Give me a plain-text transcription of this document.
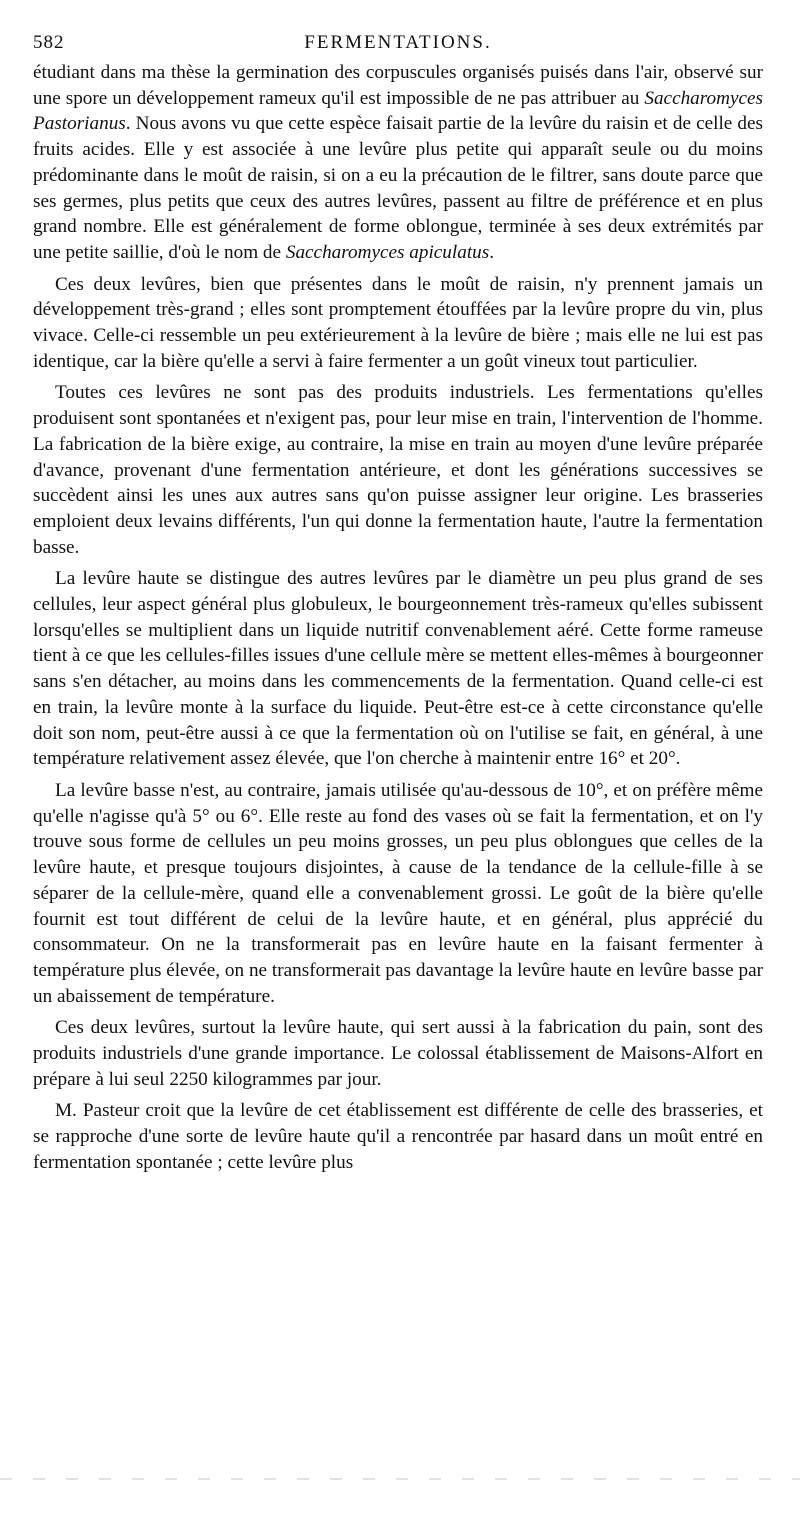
582	FERMENTATIONS.

étudiant dans ma thèse la germination des corpuscules organisés puisés dans l'air, observé sur une spore un développement rameux qu'il est impossible de ne pas attribuer au Saccharomyces Pastorianus. Nous avons vu que cette espèce faisait partie de la levûre du raisin et de celle des fruits acides. Elle y est associée à une levûre plus petite qui apparaît seule ou du moins prédominante dans le moût de raisin, si on a eu la précaution de le filtrer, sans doute parce que ses germes, plus petits que ceux des autres levûres, passent au filtre de préférence et en plus grand nombre. Elle est généralement de forme oblongue, terminée à ses deux extrémités par une petite saillie, d'où le nom de Saccharomyces apiculatus.

Ces deux levûres, bien que présentes dans le moût de raisin, n'y prennent jamais un développement très-grand ; elles sont promptement étouffées par la levûre propre du vin, plus vivace. Celle-ci ressemble un peu extérieurement à la levûre de bière ; mais elle ne lui est pas identique, car la bière qu'elle a servi à faire fermenter a un goût vineux tout particulier.

Toutes ces levûres ne sont pas des produits industriels. Les fermentations qu'elles produisent sont spontanées et n'exigent pas, pour leur mise en train, l'intervention de l'homme. La fabrication de la bière exige, au contraire, la mise en train au moyen d'une levûre préparée d'avance, provenant d'une fermentation antérieure, et dont les générations successives se succèdent ainsi les unes aux autres sans qu'on puisse assigner leur origine. Les brasseries emploient deux levains différents, l'un qui donne la fermentation haute, l'autre la fermentation basse.

La levûre haute se distingue des autres levûres par le diamètre un peu plus grand de ses cellules, leur aspect général plus globuleux, le bourgeonnement très-rameux qu'elles subissent lorsqu'elles se multiplient dans un liquide nutritif convenablement aéré. Cette forme rameuse tient à ce que les cellules-filles issues d'une cellule mère se mettent elles-mêmes à bourgeonner sans s'en détacher, au moins dans les commencements de la fermentation. Quand celle-ci est en train, la levûre monte à la surface du liquide. Peut-être est-ce à cette circonstance qu'elle doit son nom, peut-être aussi à ce que la fermentation où on l'utilise se fait, en général, à une température relativement assez élevée, que l'on cherche à maintenir entre 16° et 20°.

La levûre basse n'est, au contraire, jamais utilisée qu'au-dessous de 10°, et on préfère même qu'elle n'agisse qu'à 5° ou 6°. Elle reste au fond des vases où se fait la fermentation, et on l'y trouve sous forme de cellules un peu moins grosses, un peu plus oblongues que celles de la levûre haute, et presque toujours disjointes, à cause de la tendance de la cellule-fille à se séparer de la cellule-mère, quand elle a convenablement grossi. Le goût de la bière qu'elle fournit est tout différent de celui de la levûre haute, et en général, plus apprécié du consommateur. On ne la transformerait pas en levûre haute en la faisant fermenter à température plus élevée, on ne transformerait pas davantage la levûre haute en levûre basse par un abaissement de température.

Ces deux levûres, surtout la levûre haute, qui sert aussi à la fabrication du pain, sont des produits industriels d'une grande importance. Le colossal établissement de Maisons-Alfort en prépare à lui seul 2250 kilogrammes par jour.

M. Pasteur croit que la levûre de cet établissement est différente de celle des brasseries, et se rapproche d'une sorte de levûre haute qu'il a rencontrée par hasard dans un moût entré en fermentation spontanée ; cette levûre plus
